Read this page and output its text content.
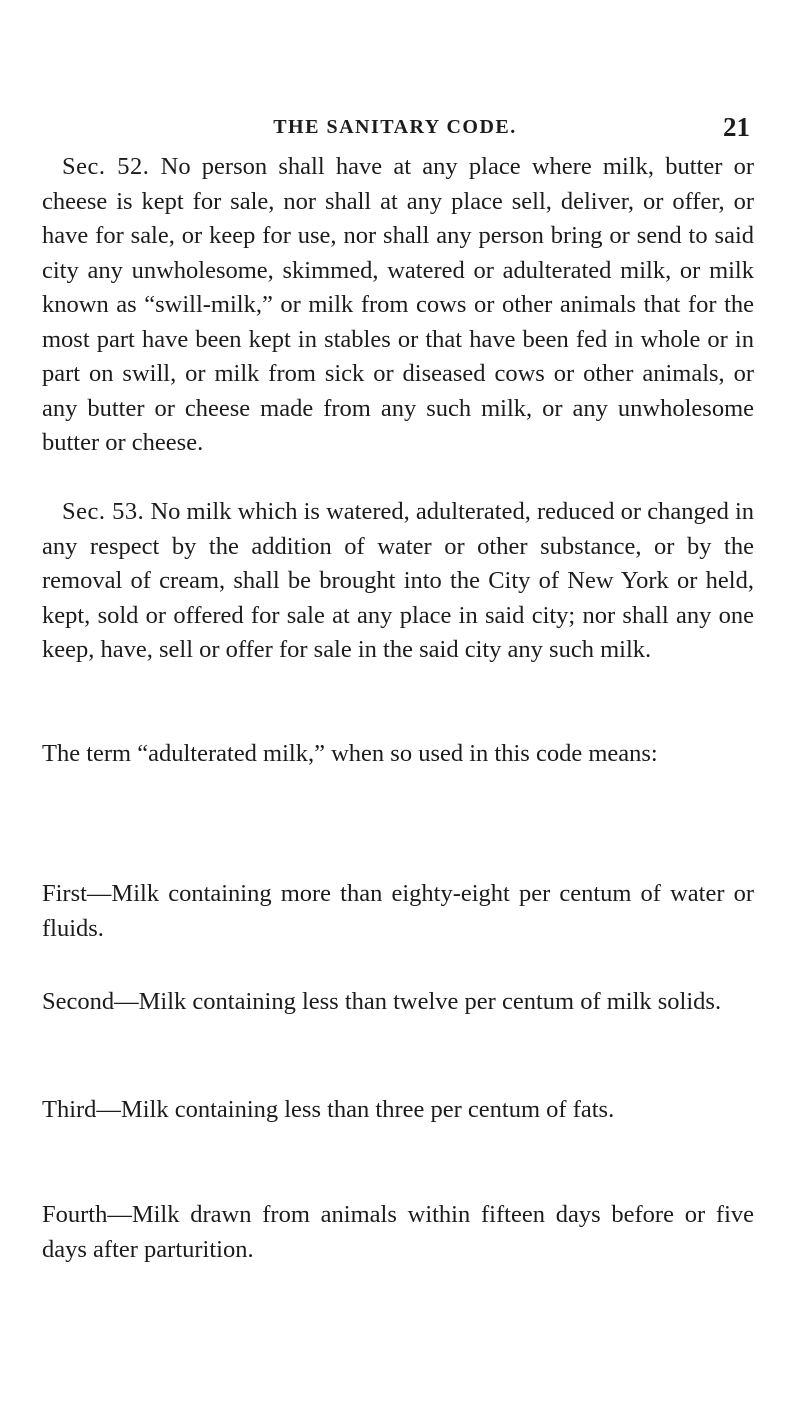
THE SANITARY CODE.	21

Sec. 52. No person shall have at any place where milk, butter or cheese is kept for sale, nor shall at any place sell, deliver, or offer, or have for sale, or keep for use, nor shall any person bring or send to said city any unwholesome, skimmed, watered or adulterated milk, or milk known as “swill-milk,” or milk from cows or other animals that for the most part have been kept in stables or that have been fed in whole or in part on swill, or milk from sick or diseased cows or other animals, or any butter or cheese made from any such milk, or any unwholesome butter or cheese.

Sec. 53. No milk which is watered, adulterated, reduced or changed in any respect by the addition of water or other substance, or by the removal of cream, shall be brought into the City of New York or held, kept, sold or offered for sale at any place in said city; nor shall any one keep, have, sell or offer for sale in the said city any such milk.

The term “adulterated milk,” when so used in this code means:

First—Milk containing more than eighty-eight per centum of water or fluids.

Second—Milk containing less than twelve per centum of milk solids.

Third—Milk containing less than three per centum of fats.

Fourth—Milk drawn from animals within fifteen days before or five days after parturition.
